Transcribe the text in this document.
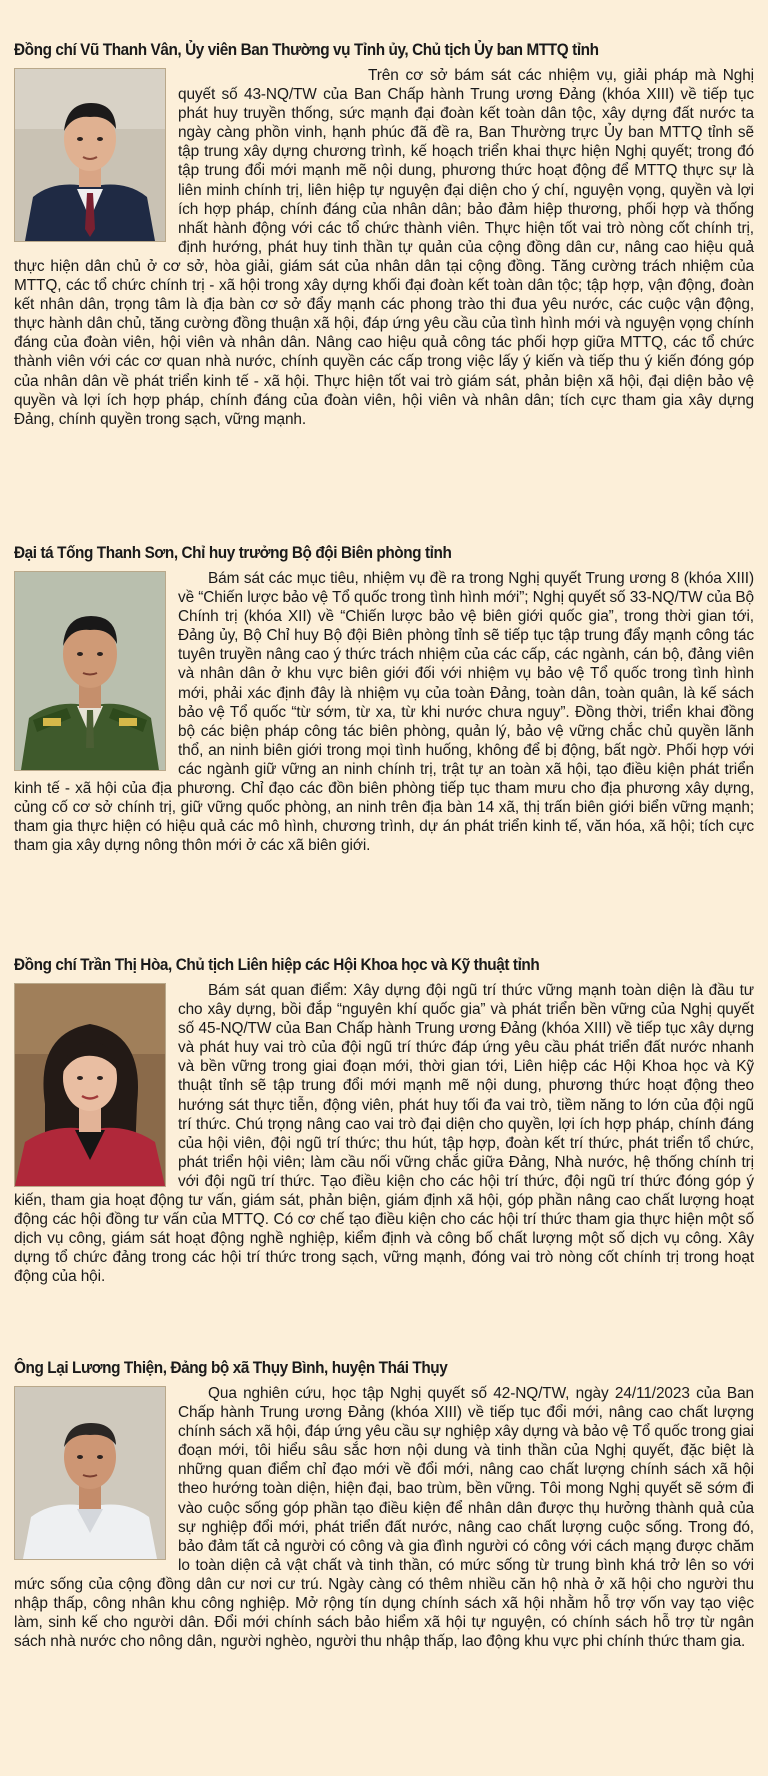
Đồng chí Vũ Thanh Vân, Ủy viên Ban Thường vụ Tỉnh ủy, Chủ tịch Ủy ban MTTQ tỉnh

Trên cơ sở bám sát các nhiệm vụ, giải pháp mà Nghị quyết số 43-NQ/TW của Ban Chấp hành Trung ương Đảng (khóa XIII) về tiếp tục phát huy truyền thống, sức mạnh đại đoàn kết toàn dân tộc, xây dựng đất nước ta ngày càng phồn vinh, hạnh phúc đã đề ra, Ban Thường trực Ủy ban MTTQ tỉnh sẽ tập trung xây dựng chương trình, kế hoạch triển khai thực hiện Nghị quyết; trong đó tập trung đổi mới mạnh mẽ nội dung, phương thức hoạt động để MTTQ thực sự là liên minh chính trị, liên hiệp tự nguyện đại diện cho ý chí, nguyện vọng, quyền và lợi ích hợp pháp, chính đáng của nhân dân; bảo đảm hiệp thương, phối hợp và thống nhất hành động với các tổ chức thành viên. Thực hiện tốt vai trò nòng cốt chính trị, định hướng, phát huy tinh thần tự quản của cộng đồng dân cư, nâng cao hiệu quả thực hiện dân chủ ở cơ sở, hòa giải, giám sát của nhân dân tại cộng đồng. Tăng cường trách nhiệm của MTTQ, các tổ chức chính trị - xã hội trong xây dựng khối đại đoàn kết toàn dân tộc; tập hợp, vận động, đoàn kết nhân dân, trọng tâm là địa bàn cơ sở đẩy mạnh các phong trào thi đua yêu nước, các cuộc vận động, thực hành dân chủ, tăng cường đồng thuận xã hội, đáp ứng yêu cầu của tình hình mới và nguyện vọng chính đáng của đoàn viên, hội viên và nhân dân. Nâng cao hiệu quả công tác phối hợp giữa MTTQ, các tổ chức thành viên với các cơ quan nhà nước, chính quyền các cấp trong việc lấy ý kiến và tiếp thu ý kiến đóng góp của nhân dân về phát triển kinh tế - xã hội. Thực hiện tốt vai trò giám sát, phản biện xã hội, đại diện bảo vệ quyền và lợi ích hợp pháp, chính đáng của đoàn viên, hội viên và nhân dân; tích cực tham gia xây dựng Đảng, chính quyền trong sạch, vững mạnh.

Đại tá Tống Thanh Sơn, Chỉ huy trưởng Bộ đội Biên phòng tỉnh

Bám sát các mục tiêu, nhiệm vụ đề ra trong Nghị quyết Trung ương 8 (khóa XIII) về “Chiến lược bảo vệ Tổ quốc trong tình hình mới”; Nghị quyết số 33-NQ/TW của Bộ Chính trị (khóa XII) về “Chiến lược bảo vệ biên giới quốc gia”, trong thời gian tới, Đảng ủy, Bộ Chỉ huy Bộ đội Biên phòng tỉnh sẽ tiếp tục tập trung đẩy mạnh công tác tuyên truyền nâng cao ý thức trách nhiệm của các cấp, các ngành, cán bộ, đảng viên và nhân dân ở khu vực biên giới đối với nhiệm vụ bảo vệ Tổ quốc trong tình hình mới, phải xác định đây là nhiệm vụ của toàn Đảng, toàn dân, toàn quân, là kế sách bảo vệ Tổ quốc “từ sớm, từ xa, từ khi nước chưa nguy”. Đồng thời, triển khai đồng bộ các biện pháp công tác biên phòng, quản lý, bảo vệ vững chắc chủ quyền lãnh thổ, an ninh biên giới trong mọi tình huống, không để bị động, bất ngờ. Phối hợp với các ngành giữ vững an ninh chính trị, trật tự an toàn xã hội, tạo điều kiện phát triển kinh tế - xã hội của địa phương. Chỉ đạo các đồn biên phòng tiếp tục tham mưu cho địa phương xây dựng, củng cố cơ sở chính trị, giữ vững quốc phòng, an ninh trên địa bàn 14 xã, thị trấn biên giới biển vững mạnh; tham gia thực hiện có hiệu quả các mô hình, chương trình, dự án phát triển kinh tế, văn hóa, xã hội; tích cực tham gia xây dựng nông thôn mới ở các xã biên giới.

Đồng chí Trần Thị Hòa, Chủ tịch Liên hiệp các Hội Khoa học và Kỹ thuật tỉnh

Bám sát quan điểm: Xây dựng đội ngũ trí thức vững mạnh toàn diện là đầu tư cho xây dựng, bồi đắp “nguyên khí quốc gia” và phát triển bền vững của Nghị quyết số 45-NQ/TW của Ban Chấp hành Trung ương Đảng (khóa XIII) về tiếp tục xây dựng và phát huy vai trò của đội ngũ trí thức đáp ứng yêu cầu phát triển đất nước nhanh và bền vững trong giai đoạn mới, thời gian tới, Liên hiệp các Hội Khoa học và Kỹ thuật tỉnh sẽ tập trung đổi mới mạnh mẽ nội dung, phương thức hoạt động theo hướng sát thực tiễn, động viên, phát huy tối đa vai trò, tiềm năng to lớn của đội ngũ trí thức. Chú trọng nâng cao vai trò đại diện cho quyền, lợi ích hợp pháp, chính đáng của hội viên, đội ngũ trí thức; thu hút, tập hợp, đoàn kết trí thức, phát triển tổ chức, phát triển hội viên; làm cầu nối vững chắc giữa Đảng, Nhà nước, hệ thống chính trị với đội ngũ trí thức. Tạo điều kiện cho các hội trí thức, đội ngũ trí thức đóng góp ý kiến, tham gia hoạt động tư vấn, giám sát, phản biện, giám định xã hội, góp phần nâng cao chất lượng hoạt động các hội đồng tư vấn của MTTQ. Có cơ chế tạo điều kiện cho các hội trí thức tham gia thực hiện một số dịch vụ công, giám sát hoạt động nghề nghiệp, kiểm định và công bố chất lượng một số dịch vụ công. Xây dựng tổ chức đảng trong các hội trí thức trong sạch, vững mạnh, đóng vai trò nòng cốt chính trị trong hoạt động của hội.

Ông Lại Lương Thiện, Đảng bộ xã Thụy Bình, huyện Thái Thụy

Qua nghiên cứu, học tập Nghị quyết số 42-NQ/TW, ngày 24/11/2023 của Ban Chấp hành Trung ương Đảng (khóa XIII) về tiếp tục đổi mới, nâng cao chất lượng chính sách xã hội, đáp ứng yêu cầu sự nghiệp xây dựng và bảo vệ Tổ quốc trong giai đoạn mới, tôi hiểu sâu sắc hơn nội dung và tinh thần của Nghị quyết, đặc biệt là những quan điểm chỉ đạo mới về đổi mới, nâng cao chất lượng chính sách xã hội theo hướng toàn diện, hiện đại, bao trùm, bền vững. Tôi mong Nghị quyết sẽ sớm đi vào cuộc sống góp phần tạo điều kiện để nhân dân được thụ hưởng thành quả của sự nghiệp đổi mới, phát triển đất nước, nâng cao chất lượng cuộc sống. Trong đó, bảo đảm tất cả người có công và gia đình người có công với cách mạng được chăm lo toàn diện cả vật chất và tinh thần, có mức sống từ trung bình khá trở lên so với mức sống của cộng đồng dân cư nơi cư trú. Ngày càng có thêm nhiều căn hộ nhà ở xã hội cho người thu nhập thấp, công nhân khu công nghiệp. Mở rộng tín dụng chính sách xã hội nhằm hỗ trợ vốn vay tạo việc làm, sinh kế cho người dân. Đổi mới chính sách bảo hiểm xã hội tự nguyện, có chính sách hỗ trợ từ ngân sách nhà nước cho nông dân, người nghèo, người thu nhập thấp, lao động khu vực phi chính thức tham gia.
